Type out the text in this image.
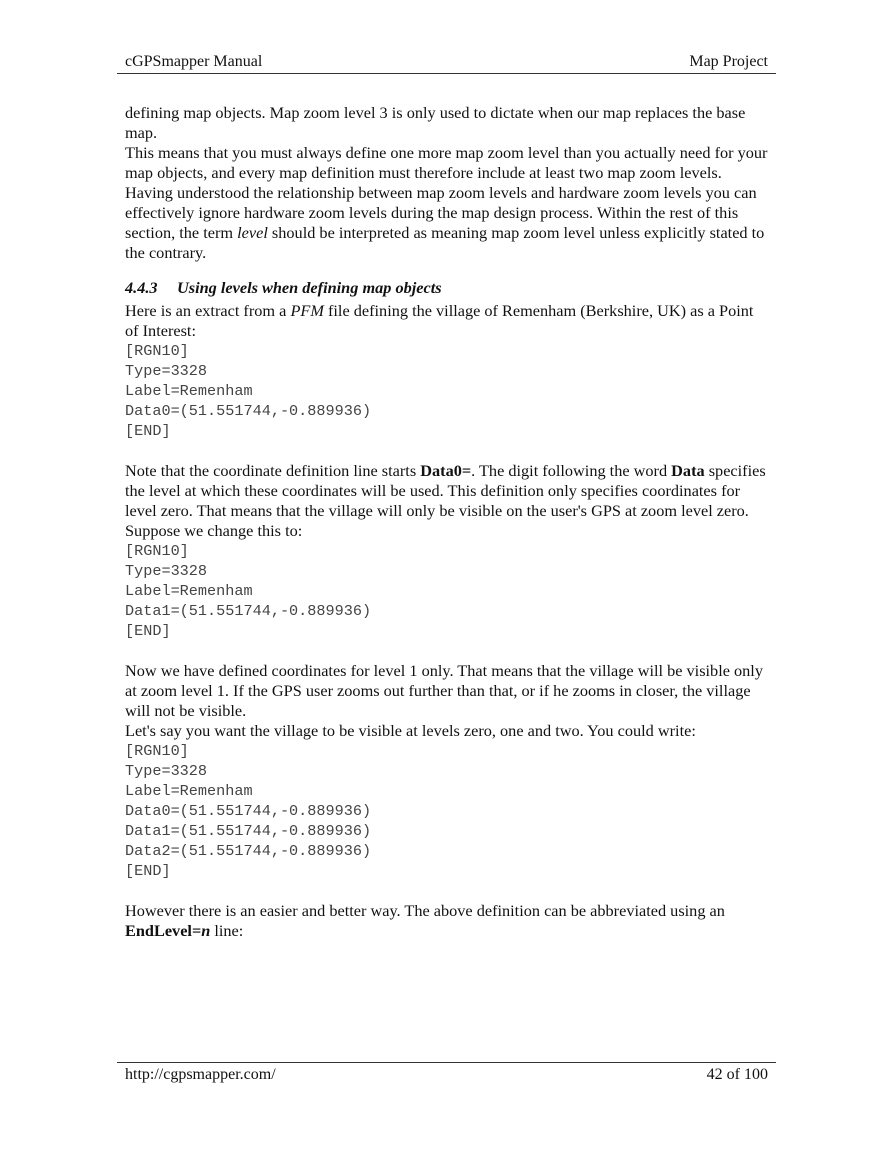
cGPSmapper Manual	Map Project

defining map objects. Map zoom level 3 is only used to dictate when our map replaces the base map.

This means that you must always define one more map zoom level than you actually need for your map objects, and every map definition must therefore include at least two map zoom levels.

Having understood the relationship between map zoom levels and hardware zoom levels you can effectively ignore hardware zoom levels during the map design process. Within the rest of this section, the term level should be interpreted as meaning map zoom level unless explicitly stated to the contrary.

4.4.3 Using levels when defining map objects

Here is an extract from a PFM file defining the village of Remenham (Berkshire, UK) as a Point of Interest:

[RGN10]
Type=3328
Label=Remenham
Data0=(51.551744,-0.889936)
[END]

Note that the coordinate definition line starts Data0=. The digit following the word Data specifies the level at which these coordinates will be used. This definition only specifies coordinates for level zero. That means that the village will only be visible on the user's GPS at zoom level zero.

Suppose we change this to:

[RGN10]
Type=3328
Label=Remenham
Data1=(51.551744,-0.889936)
[END]

Now we have defined coordinates for level 1 only. That means that the village will be visible only at zoom level 1. If the GPS user zooms out further than that, or if he zooms in closer, the village will not be visible.

Let's say you want the village to be visible at levels zero, one and two. You could write:

[RGN10]
Type=3328
Label=Remenham
Data0=(51.551744,-0.889936)
Data1=(51.551744,-0.889936)
Data2=(51.551744,-0.889936)
[END]

However there is an easier and better way. The above definition can be abbreviated using an EndLevel=n line:

http://cgpsmapper.com/	42 of 100
